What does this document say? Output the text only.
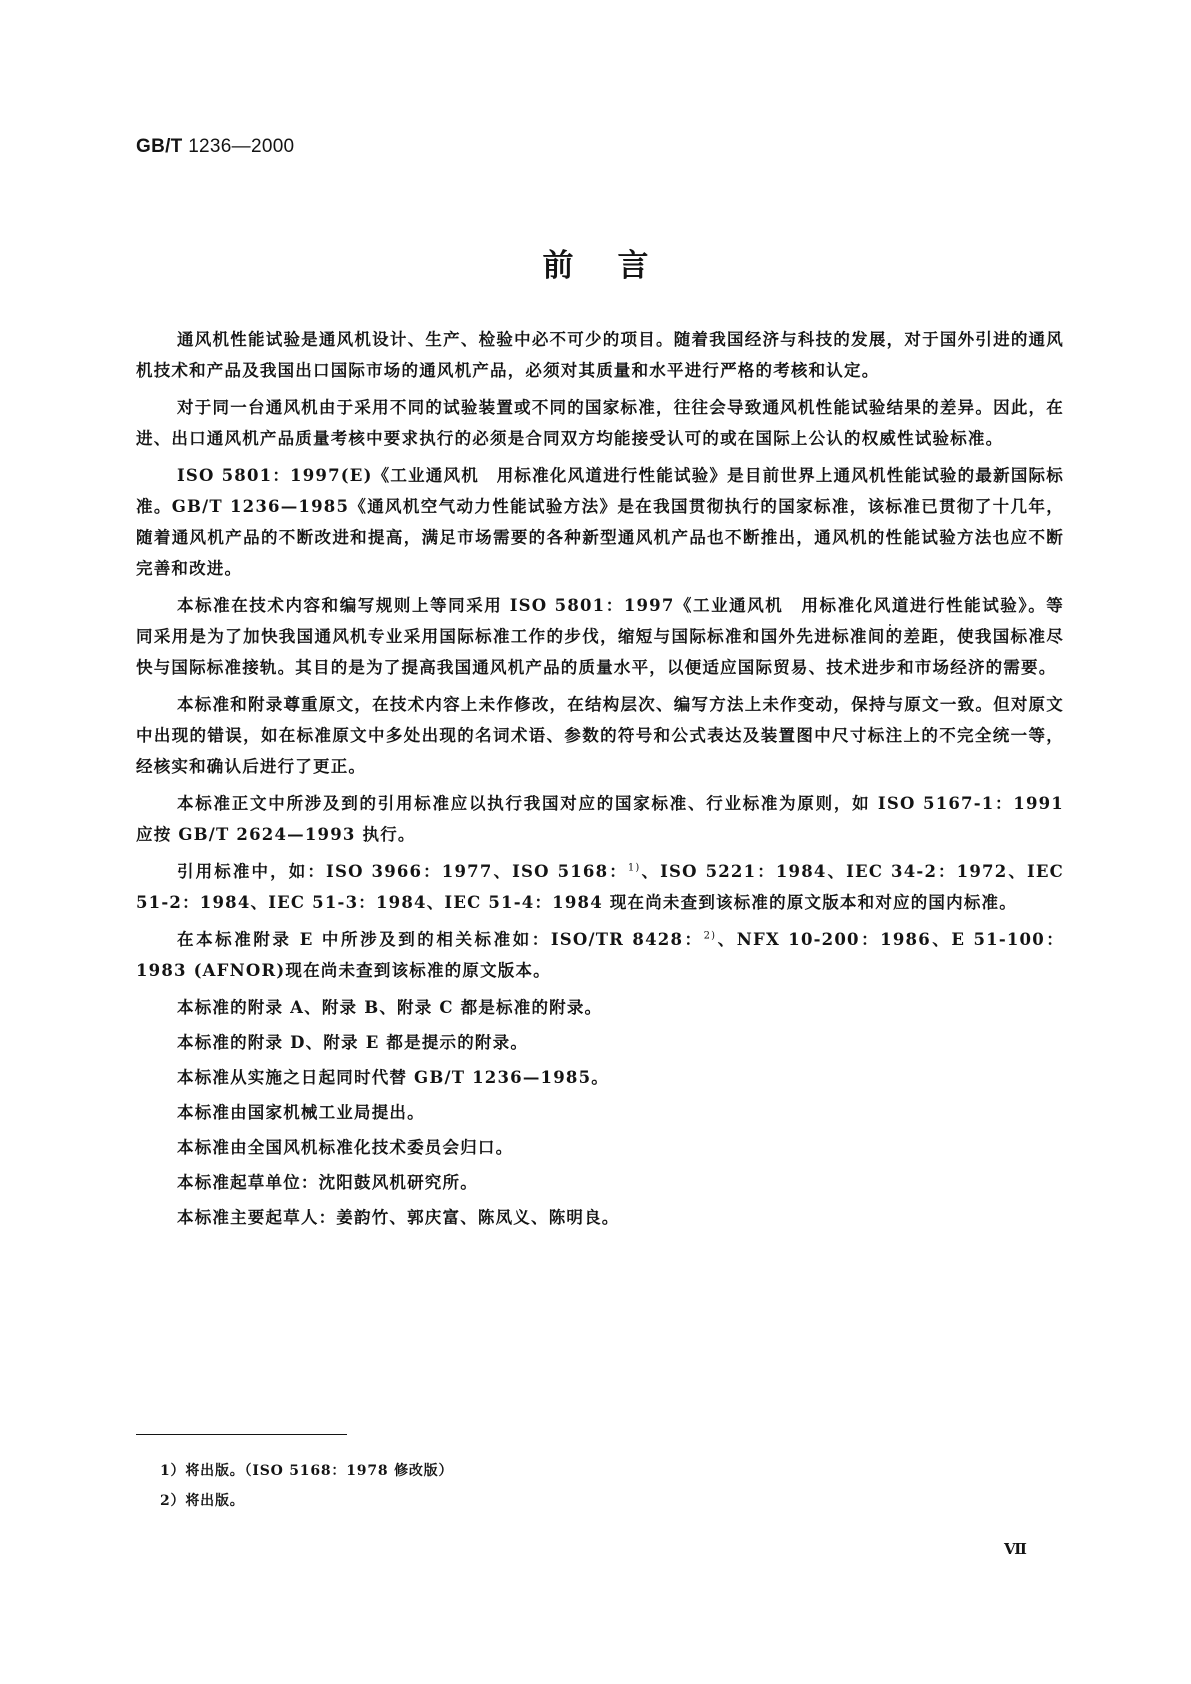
GB/T 1236—2000
前言

通风机性能试验是通风机设计、生产、检验中必不可少的项目。随着我国经济与科技的发展，对于国外引进的通风机技术和产品及我国出口国际市场的通风机产品，必须对其质量和水平进行严格的考核和认定。

对于同一台通风机由于采用不同的试验装置或不同的国家标准，往往会导致通风机性能试验结果的差异。因此，在进、出口通风机产品质量考核中要求执行的必须是合同双方均能接受认可的或在国际上公认的权威性试验标准。

ISO 5801：1997(E)《工业通风机　用标准化风道进行性能试验》是目前世界上通风机性能试验的最新国际标准。GB/T 1236—1985《通风机空气动力性能试验方法》是在我国贯彻执行的国家标准，该标准已贯彻了十几年，随着通风机产品的不断改进和提高，满足市场需要的各种新型通风机产品也不断推出，通风机的性能试验方法也应不断完善和改进。

本标准在技术内容和编写规则上等同采用 ISO 5801：1997《工业通风机　用标准化风道进行性能试验》。等同采用是为了加快我国通风机专业采用国际标准工作的步伐，缩短与国际标准和国外先进标准间的差距，使我国标准尽快与国际标准接轨。其目的是为了提高我国通风机产品的质量水平，以便适应国际贸易、技术进步和市场经济的需要。

本标准和附录尊重原文，在技术内容上未作修改，在结构层次、编写方法上未作变动，保持与原文一致。但对原文中出现的错误，如在标准原文中多处出现的名词术语、参数的符号和公式表达及装置图中尺寸标注上的不完全统一等，经核实和确认后进行了更正。

本标准正文中所涉及到的引用标准应以执行我国对应的国家标准、行业标准为原则，如 ISO 5167-1：1991 应按 GB/T 2624—1993 执行。

引用标准中，如：ISO 3966：1977、ISO 5168：$^{1)}$、ISO 5221：1984、IEC 34-2：1972、IEC 51-2：1984、IEC 51-3：1984、IEC 51-4：1984 现在尚未查到该标准的原文版本和对应的国内标准。

在本标准附录 E 中所涉及到的相关标准如：ISO/TR 8428：$^{2)}$、NFX 10-200：1986、E 51-100：1983 (AFNOR)现在尚未查到该标准的原文版本。

本标准的附录 A、附录 B、附录 C 都是标准的附录。

本标准的附录 D、附录 E 都是提示的附录。

本标准从实施之日起同时代替 GB/T 1236—1985。

本标准由国家机械工业局提出。

本标准由全国风机标准化技术委员会归口。

本标准起草单位：沈阳鼓风机研究所。

本标准主要起草人：姜韵竹、郭庆富、陈凤义、陈明良。

1）将出版。（ISO 5168：1978 修改版）
2）将出版。
Ⅶ
